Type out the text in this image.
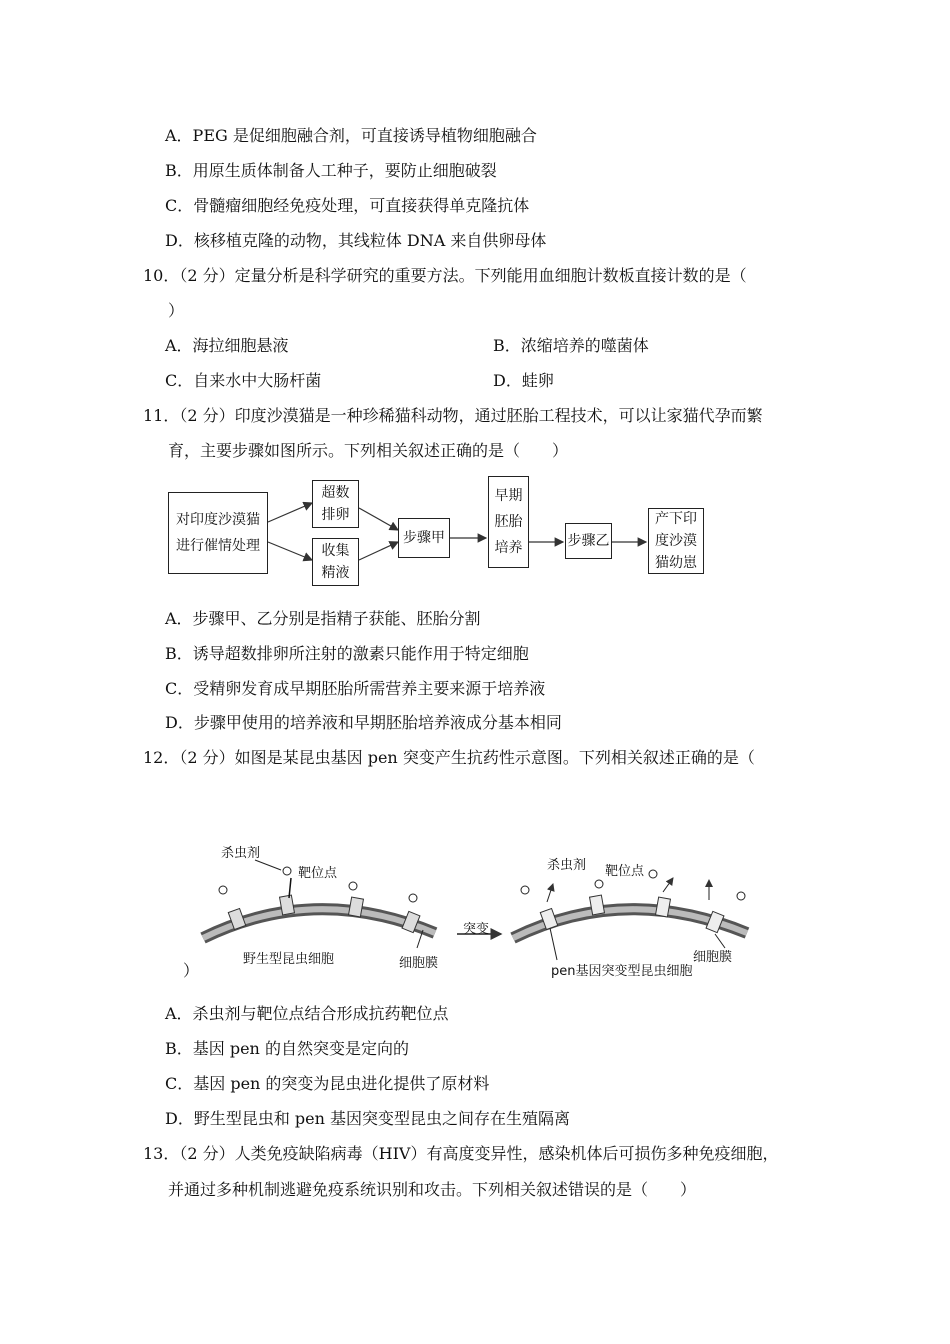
A．PEG 是促细胞融合剂，可直接诱导植物细胞融合
B．用原生质体制备人工种子，要防止细胞破裂
C．骨髓瘤细胞经免疫处理，可直接获得单克隆抗体
D．核移植克隆的动物，其线粒体 DNA 来自供卵母体
10．（2 分）定量分析是科学研究的重要方法。下列能用血细胞计数板直接计数的是（
）
A．海拉细胞悬液	B．浓缩培养的噬菌体
C．自来水中大肠杆菌	D．蛙卵
11．（2 分）印度沙漠猫是一种珍稀猫科动物，通过胚胎工程技术，可以让家猫代孕而繁
育，主要步骤如图所示。下列相关叙述正确的是（　　）
对印度沙漠猫
进行催情处理
超数
排卵
收集
精液
步骤甲
早期
胚胎
培养	步骤乙
产下印
度沙漠
猫幼崽
A．步骤甲、乙分别是指精子获能、胚胎分割
B．诱导超数排卵所注射的激素只能作用于特定细胞
C．受精卵发育成早期胚胎所需营养主要来源于培养液
D．步骤甲使用的培养液和早期胚胎培养液成分基本相同
12．（2 分）如图是某昆虫基因 pen 突变产生抗药性示意图。下列相关叙述正确的是（
杀虫剂
靶位点
野生型昆虫细胞	细胞膜
突变
杀虫剂 靶位点
pen基因突变型昆虫细胞
细胞膜
）
A．杀虫剂与靶位点结合形成抗药靶位点
B．基因 pen 的自然突变是定向的
C．基因 pen 的突变为昆虫进化提供了原材料
D．野生型昆虫和 pen 基因突变型昆虫之间存在生殖隔离
13．（2 分）人类免疫缺陷病毒（HIV）有高度变异性，感染机体后可损伤多种免疫细胞，
并通过多种机制逃避免疫系统识别和攻击。下列相关叙述错误的是（　　）
